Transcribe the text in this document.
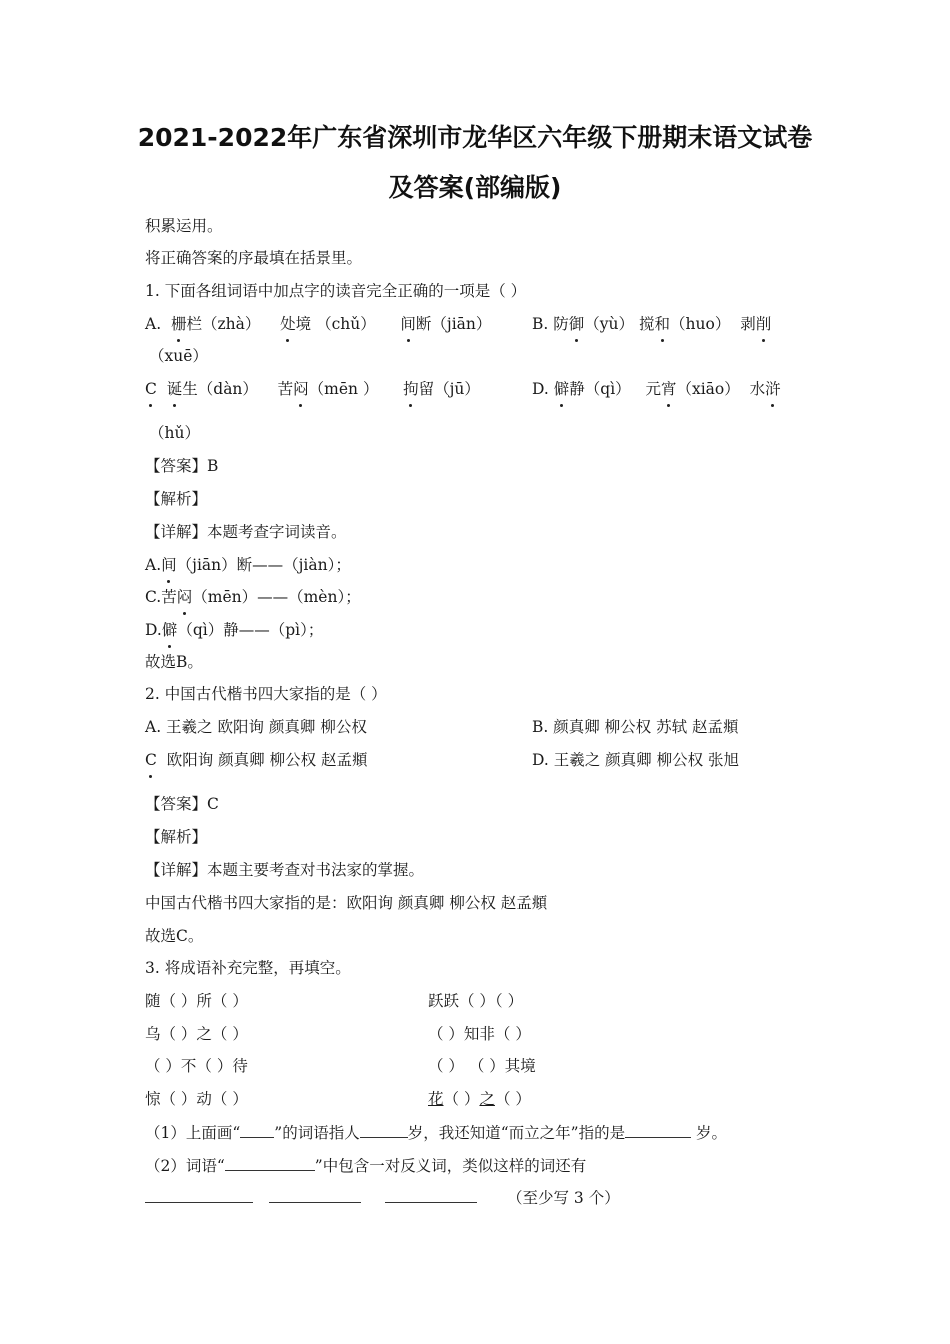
2021-2022年广东省深圳市龙华区六年级下册期末语文试卷
及答案(部编版)
积累运用。
将正确答案的序最填在括景里。
1. 下面各组词语中加点字的读音完全正确的一项是（ ）
A. 栅栏（zhà） 处境 （chǔ） 间断（jiān）	B. 防御（yù） 搅和（huo） 剥削
（xuē）
C 诞生（dàn） 苦闷（mēn ） 拘留（jū）	D. 僻静（qì） 元宵（xiāo） 水浒
（hǔ）
【答案】B
【解析】
【详解】本题考查字词读音。
A.间（jiān）断——（jiàn）；
C.苦闷（mēn）——（mèn）；
D.僻（qì）静——（pì）；
故选B。
2. 中国古代楷书四大家指的是（ ）
A. 王羲之 欧阳询 颜真卿 柳公权	B. 颜真卿 柳公权 苏轼 赵孟頫
C 欧阳询 颜真卿 柳公权 赵孟頫	D. 王羲之 颜真卿 柳公权 张旭
【答案】C
【解析】
【详解】本题主要考查对书法家的掌握。
中国古代楷书四大家指的是：欧阳询 颜真卿 柳公权 赵孟頫
故选C。
3. 将成语补充完整，再填空。
随（ ）所（ ）	跃跃（ ）（ ）
乌（ ）之（ ）	（ ）知非（ ）
（ ）不（ ）待	（ ） （ ）其境
惊（ ）动（ ）	花（ ）之（ ）
（1）上面画“ ”的词语指人	岁，我还知道“而立之年”指的是	岁。
（2）词语“	”中包含一对反义词，类似这样的词还有
（至少写 3 个）
